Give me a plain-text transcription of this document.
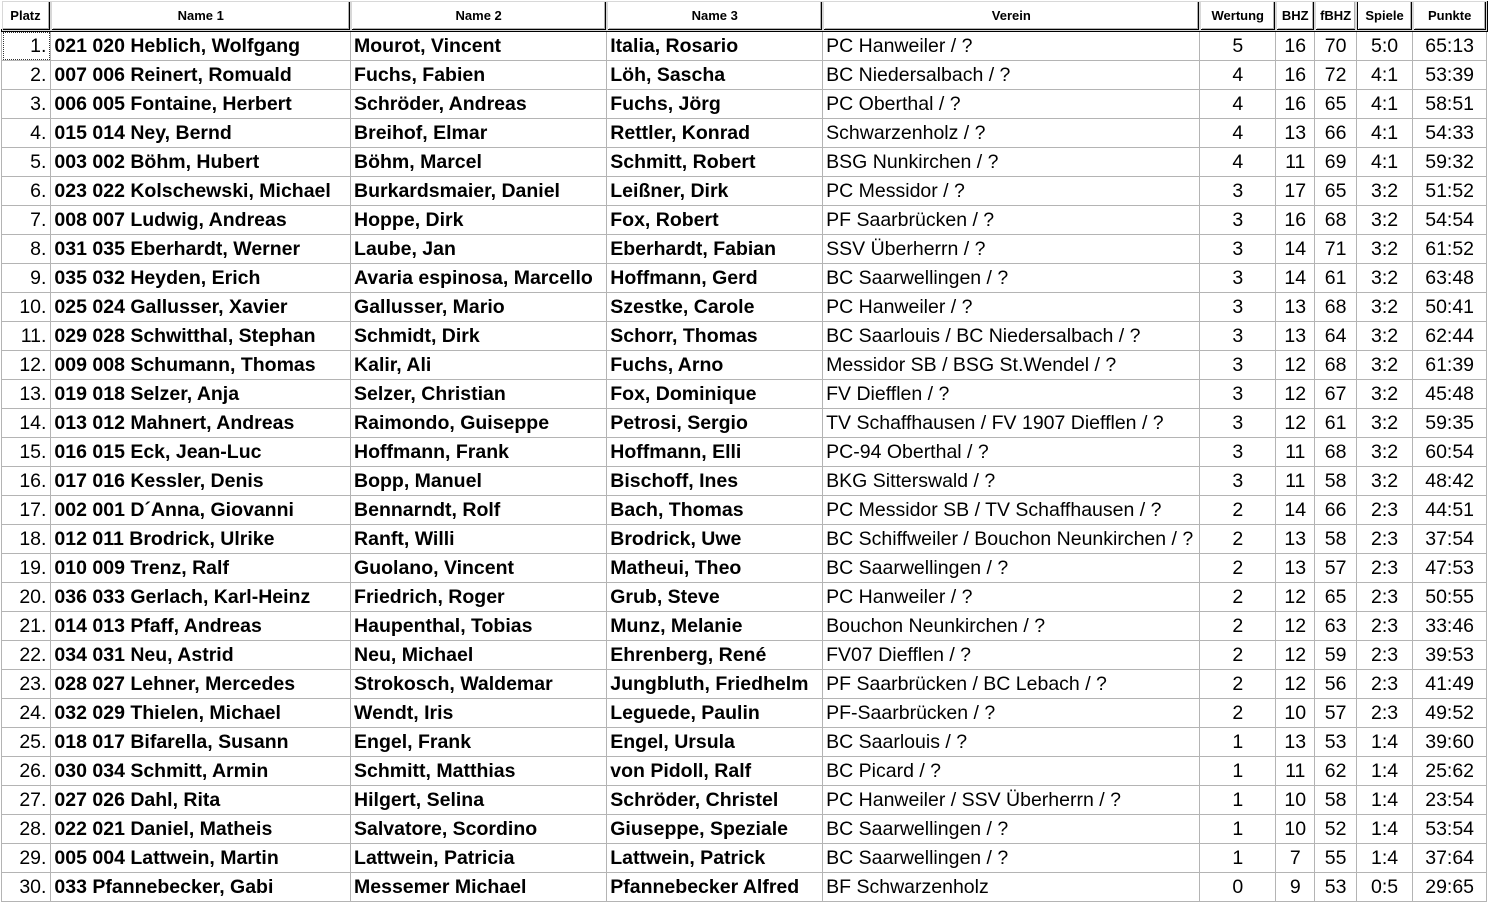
Platz	Name 1	Name 2	Name 3	Verein	Wertung	BHZ	fBHZ	Spiele	Punkte
1.	021 020 Heblich, Wolfgang	Mourot, Vincent	Italia, Rosario	PC Hanweiler / ?	5	16	70	5:0	65:13
2.	007 006 Reinert, Romuald	Fuchs, Fabien	Löh, Sascha	BC Niedersalbach / ?	4	16	72	4:1	53:39
3.	006 005 Fontaine, Herbert	Schröder, Andreas	Fuchs, Jörg	PC Oberthal / ?	4	16	65	4:1	58:51
4.	015 014 Ney, Bernd	Breihof, Elmar	Rettler, Konrad	Schwarzenholz / ?	4	13	66	4:1	54:33
5.	003 002 Böhm, Hubert	Böhm, Marcel	Schmitt, Robert	BSG Nunkirchen / ?	4	11	69	4:1	59:32
6.	023 022 Kolschewski, Michael	Burkardsmaier, Daniel	Leißner, Dirk	PC Messidor / ?	3	17	65	3:2	51:52
7.	008 007 Ludwig, Andreas	Hoppe, Dirk	Fox, Robert	PF Saarbrücken / ?	3	16	68	3:2	54:54
8.	031 035 Eberhardt, Werner	Laube, Jan	Eberhardt, Fabian	SSV Überherrn / ?	3	14	71	3:2	61:52
9.	035 032 Heyden, Erich	Avaria espinosa, Marcello	Hoffmann, Gerd	BC Saarwellingen / ?	3	14	61	3:2	63:48
10.	025 024 Gallusser, Xavier	Gallusser, Mario	Szestke, Carole	PC Hanweiler / ?	3	13	68	3:2	50:41
11.	029 028 Schwitthal, Stephan	Schmidt, Dirk	Schorr, Thomas	BC Saarlouis / BC Niedersalbach / ?	3	13	64	3:2	62:44
12.	009 008 Schumann, Thomas	Kalir, Ali	Fuchs, Arno	Messidor SB / BSG St.Wendel / ?	3	12	68	3:2	61:39
13.	019 018 Selzer, Anja	Selzer, Christian	Fox, Dominique	FV Diefflen / ?	3	12	67	3:2	45:48
14.	013 012 Mahnert, Andreas	Raimondo, Guiseppe	Petrosi, Sergio	TV Schaffhausen / FV 1907 Diefflen / ?	3	12	61	3:2	59:35
15.	016 015 Eck, Jean-Luc	Hoffmann, Frank	Hoffmann, Elli	PC-94 Oberthal / ?	3	11	68	3:2	60:54
16.	017 016 Kessler, Denis	Bopp, Manuel	Bischoff, Ines	BKG Sitterswald / ?	3	11	58	3:2	48:42
17.	002 001 D´Anna, Giovanni	Bennarndt, Rolf	Bach, Thomas	PC Messidor SB / TV Schaffhausen / ?	2	14	66	2:3	44:51
18.	012 011 Brodrick, Ulrike	Ranft, Willi	Brodrick, Uwe	BC Schiffweiler / Bouchon Neunkirchen / ?	2	13	58	2:3	37:54
19.	010 009 Trenz, Ralf	Guolano, Vincent	Matheui, Theo	BC Saarwellingen / ?	2	13	57	2:3	47:53
20.	036 033 Gerlach, Karl-Heinz	Friedrich, Roger	Grub, Steve	PC Hanweiler / ?	2	12	65	2:3	50:55
21.	014 013 Pfaff, Andreas	Haupenthal, Tobias	Munz, Melanie	Bouchon Neunkirchen / ?	2	12	63	2:3	33:46
22.	034 031 Neu, Astrid	Neu, Michael	Ehrenberg, René	FV07 Diefflen / ?	2	12	59	2:3	39:53
23.	028 027 Lehner, Mercedes	Strokosch, Waldemar	Jungbluth, Friedhelm	PF Saarbrücken / BC Lebach / ?	2	12	56	2:3	41:49
24.	032 029 Thielen, Michael	Wendt, Iris	Leguede, Paulin	PF-Saarbrücken / ?	2	10	57	2:3	49:52
25.	018 017 Bifarella, Susann	Engel, Frank	Engel, Ursula	BC Saarlouis / ?	1	13	53	1:4	39:60
26.	030 034 Schmitt, Armin	Schmitt, Matthias	von Pidoll, Ralf	BC Picard / ?	1	11	62	1:4	25:62
27.	027 026 Dahl, Rita	Hilgert, Selina	Schröder, Christel	PC Hanweiler / SSV Überherrn / ?	1	10	58	1:4	23:54
28.	022 021 Daniel, Matheis	Salvatore, Scordino	Giuseppe, Speziale	BC Saarwellingen / ?	1	10	52	1:4	53:54
29.	005 004 Lattwein, Martin	Lattwein, Patricia	Lattwein, Patrick	BC Saarwellingen / ?	1	7	55	1:4	37:64
30.	033 Pfannebecker, Gabi	Messemer Michael	Pfannebecker Alfred	BF Schwarzenholz	0	9	53	0:5	29:65
